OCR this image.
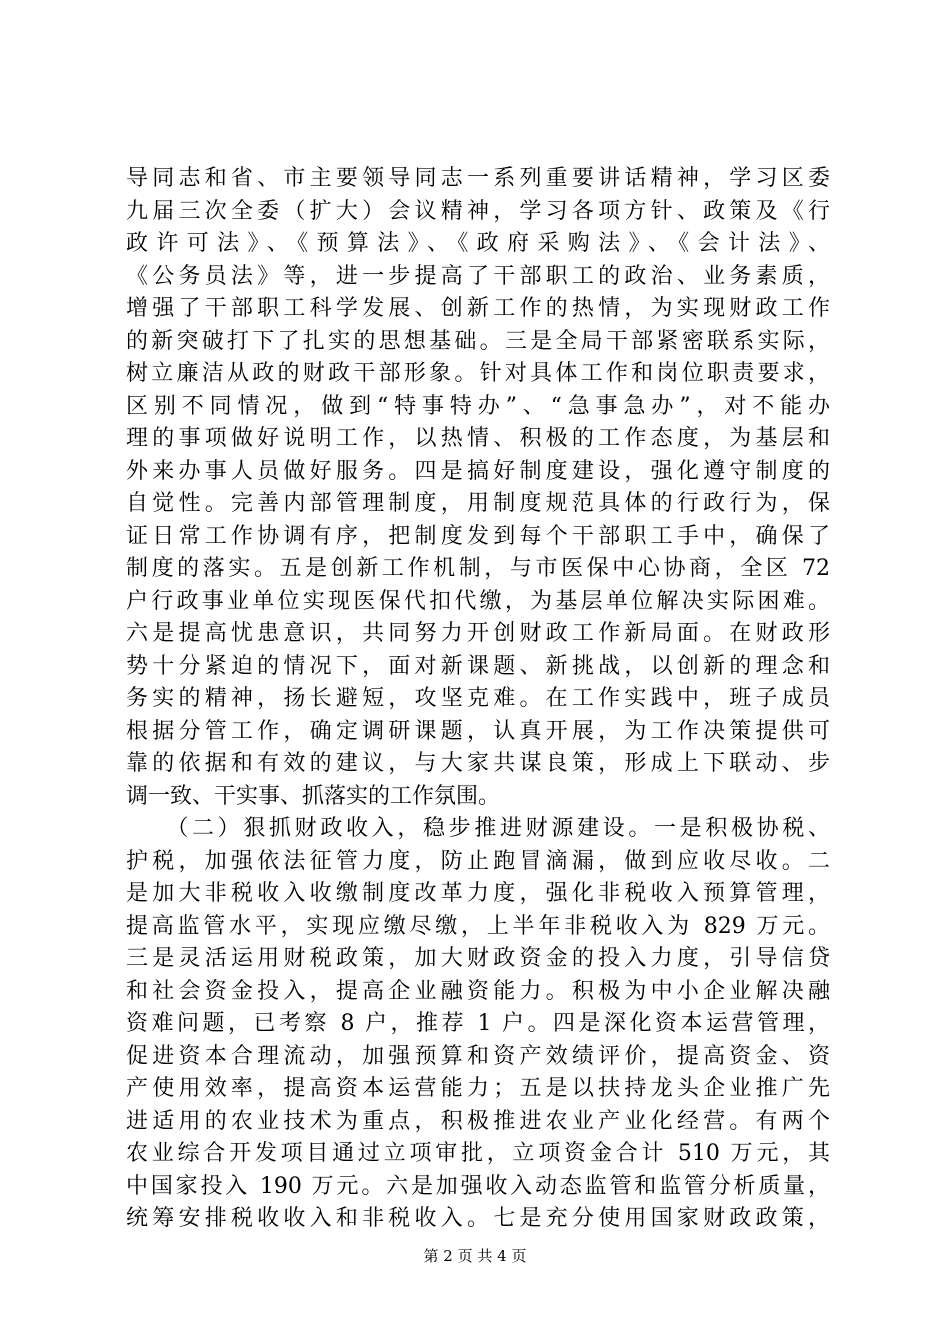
导同志和省、市主要领导同志一系列重要讲话精神，学习区委
九届三次全委（扩大）会议精神，学习各项方针、政策及《行
政许可法》、《预算法》、《政府采购法》、《会计法》、
《公务员法》等，进一步提高了干部职工的政治、业务素质，
增强了干部职工科学发展、创新工作的热情，为实现财政工作
的新突破打下了扎实的思想基础。三是全局干部紧密联系实际，
树立廉洁从政的财政干部形象。针对具体工作和岗位职责要求，
区别不同情况，做到“特事特办”、“急事急办”，对不能办
理的事项做好说明工作，以热情、积极的工作态度，为基层和
外来办事人员做好服务。四是搞好制度建设，强化遵守制度的
自觉性。完善内部管理制度，用制度规范具体的行政行为，保
证日常工作协调有序，把制度发到每个干部职工手中，确保了
制度的落实。五是创新工作机制，与市医保中心协商，全区 72
户行政事业单位实现医保代扣代缴，为基层单位解决实际困难。
六是提高忧患意识，共同努力开创财政工作新局面。在财政形
势十分紧迫的情况下，面对新课题、新挑战，以创新的理念和
务实的精神，扬长避短，攻坚克难。在工作实践中，班子成员
根据分管工作，确定调研课题，认真开展，为工作决策提供可
靠的依据和有效的建议，与大家共谋良策，形成上下联动、步
调一致、干实事、抓落实的工作氛围。
　　（二）狠抓财政收入，稳步推进财源建设。一是积极协税、
护税，加强依法征管力度，防止跑冒滴漏，做到应收尽收。二
是加大非税收入收缴制度改革力度，强化非税收入预算管理，
提高监管水平，实现应缴尽缴，上半年非税收入为 829 万元。
三是灵活运用财税政策，加大财政资金的投入力度，引导信贷
和社会资金投入，提高企业融资能力。积极为中小企业解决融
资难问题，已考察 8 户，推荐 1 户。四是深化资本运营管理，
促进资本合理流动，加强预算和资产效绩评价，提高资金、资
产使用效率，提高资本运营能力；五是以扶持龙头企业推广先
进适用的农业技术为重点，积极推进农业产业化经营。有两个
农业综合开发项目通过立项审批，立项资金合计 510 万元，其
中国家投入 190 万元。六是加强收入动态监管和监管分析质量，
统筹安排税收收入和非税收入。七是充分使用国家财政政策，
第 2 页 共 4 页
